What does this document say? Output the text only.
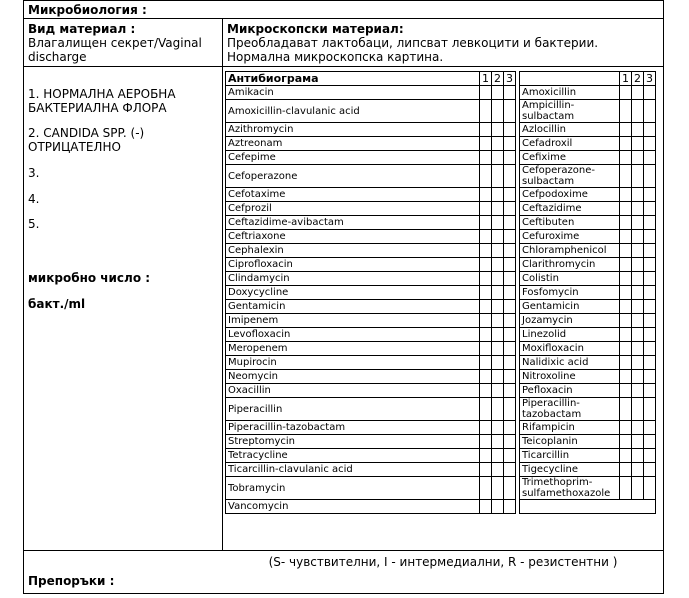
Микробиология :
Вид материал :
Влагалищен секрет/Vaginal discharge
Микроскопски материал:
Преобладават лактобаци, липсват левкоцити и бактерии.
Нормална микроскопска картина.
1. НОРМАЛНА АЕРОБНА БАКТЕРИАЛНА ФЛОРА
2. CANDIDA SPP. (-) ОТРИЦАТЕЛНО
3.
4.
5.
микробно число :
бакт./ml
Антибиограма	1	2	3			1	2	3
Amikacin					Amoxicillin			
Amoxicillin-clavulanic acid					Ampicillin-sulbactam			
Azithromycin					Azlocillin			
Aztreonam					Cefadroxil			
Cefepime					Cefixime			
Cefoperazone					Cefoperazone-sulbactam			
Cefotaxime					Cefpodoxime			
Cefprozil					Ceftazidime			
Ceftazidime-avibactam					Ceftibuten			
Ceftriaxone					Cefuroxime			
Cephalexin					Chloramphenicol			
Ciprofloxacin					Clarithromycin			
Clindamycin					Colistin			
Doxycycline					Fosfomycin			
Gentamicin					Gentamicin			
Imipenem					Jozamycin			
Levofloxacin					Linezolid			
Meropenem					Moxifloxacin			
Mupirocin					Nalidixic acid			
Neomycin					Nitroxoline			
Oxacillin					Pefloxacin			
Piperacillin					Piperacillin-tazobactam			
Piperacillin-tazobactam					Rifampicin			
Streptomycin					Teicoplanin			
Tetracycline					Ticarcillin			
Ticarcillin-clavulanic acid					Tigecycline			
Tobramycin					Trimethoprim-sulfamethoxazole			
Vancomycin								
(S- чувствителни, I - интермедиални, R - резистентни )
Препоръки :
